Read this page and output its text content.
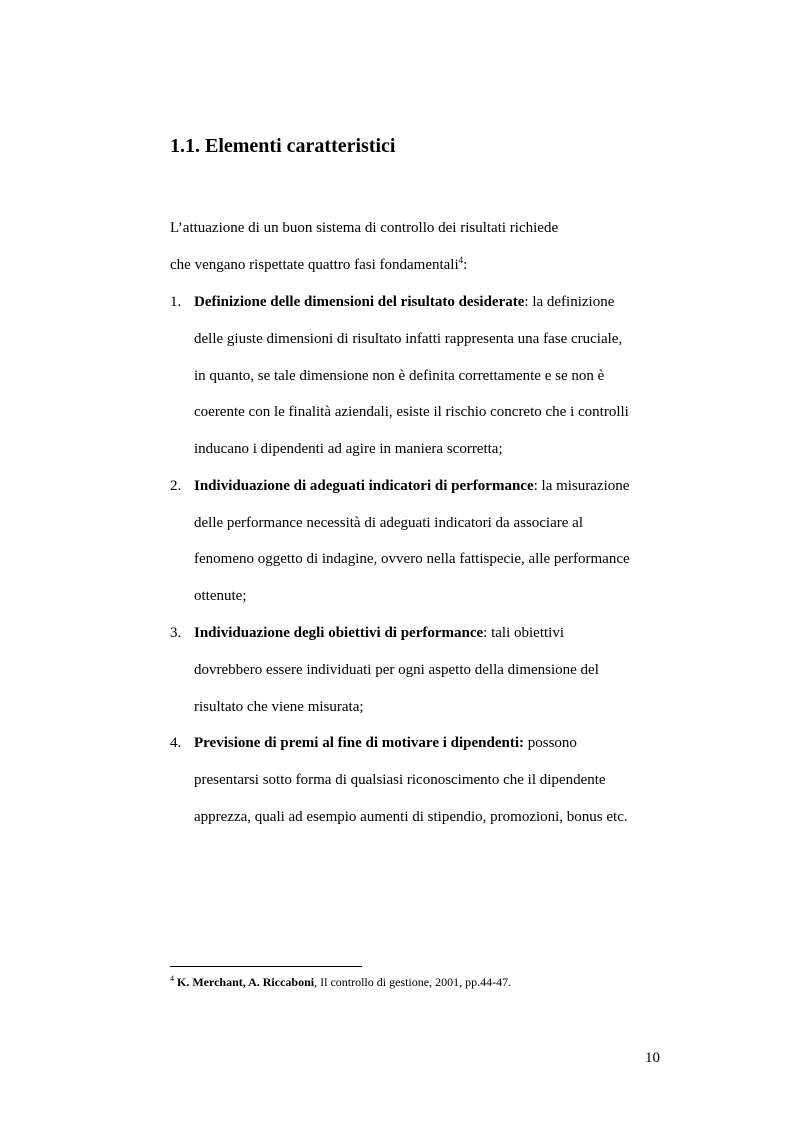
1.1. Elementi caratteristici
L’attuazione di un buon sistema di controllo dei risultati richiede
che vengano rispettate quattro fasi fondamentali$^4$:
1. Definizione delle dimensioni del risultato desiderate: la definizione
delle giuste dimensioni di risultato infatti rappresenta una fase cruciale,
in quanto, se tale dimensione non è definita correttamente e se non è
coerente con le finalità aziendali, esiste il rischio concreto che i controlli
inducano i dipendenti ad agire in maniera scorretta;
2. Individuazione di adeguati indicatori di performance: la misurazione
delle performance necessità di adeguati indicatori da associare al
fenomeno oggetto di indagine, ovvero nella fattispecie, alle performance
ottenute;
3. Individuazione degli obiettivi di performance: tali obiettivi
dovrebbero essere individuati per ogni aspetto della dimensione del
risultato che viene misurata;
4. Previsione di premi al fine di motivare i dipendenti: possono
presentarsi sotto forma di qualsiasi riconoscimento che il dipendente
apprezza, quali ad esempio aumenti di stipendio, promozioni, bonus etc.
$^4$ K. Merchant, A. Riccaboni, Il controllo di gestione, 2001, pp.44-47.
10
